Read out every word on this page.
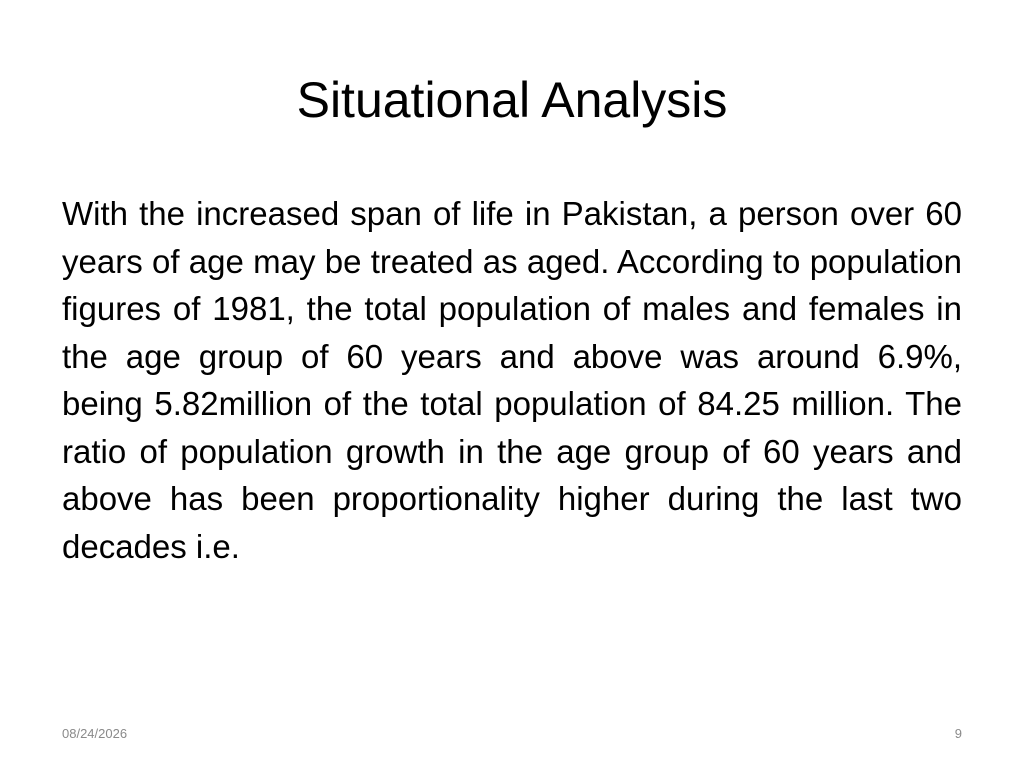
Situational Analysis

With the increased span of life in Pakistan, a person over 60 years of age may be treated as aged. According to population figures of 1981, the total population of males and females in the age group of 60 years and above was around 6.9%, being 5.82million of the total population of 84.25 million. The ratio of population growth in the age group of 60 years and above has been proportionality higher during the last two decades i.e.

08/24/2026	9
